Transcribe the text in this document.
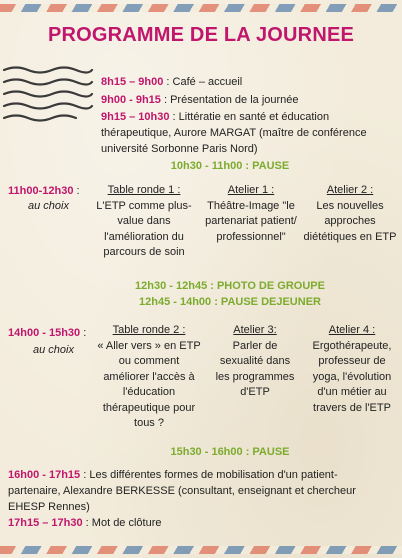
PROGRAMME DE LA JOURNEE
8h15 – 9h00 : Café – accueil
9h00 - 9h15 : Présentation de la journée
9h15 – 10h30 : Littératie en santé et éducation
thérapeutique, Aurore MARGAT (maître de conférence
université Sorbonne Paris Nord)
10h30 - 11h00 : PAUSE
11h00-12h30 :
au choix
Table ronde 1 :
L'ETP comme plus-
value dans
l'amélioration du
parcours de soin
Atelier 1 :
Théâtre-Image "le
partenariat patient/
professionnel"
Atelier 2 :
Les nouvelles
approches
diététiques en ETP
12h30 - 12h45 : PHOTO DE GROUPE
12h45 - 14h00 : PAUSE DEJEUNER
14h00 - 15h30 :
au choix
Table ronde 2 :
« Aller vers » en ETP
ou comment
améliorer l'accès à
l'éducation
thérapeutique pour
tous ?
Atelier 3:
Parler de
sexualité dans
les programmes
d'ETP
Atelier 4 :
Ergothérapeute,
professeur de
yoga, l'évolution
d'un métier au
travers de l'ETP
15h30 - 16h00 : PAUSE
16h00 - 17h15 : Les différentes formes de mobilisation d'un patient-
partenaire, Alexandre BERKESSE (consultant, enseignant et chercheur
EHESP Rennes)
17h15 – 17h30 : Mot de clôture
